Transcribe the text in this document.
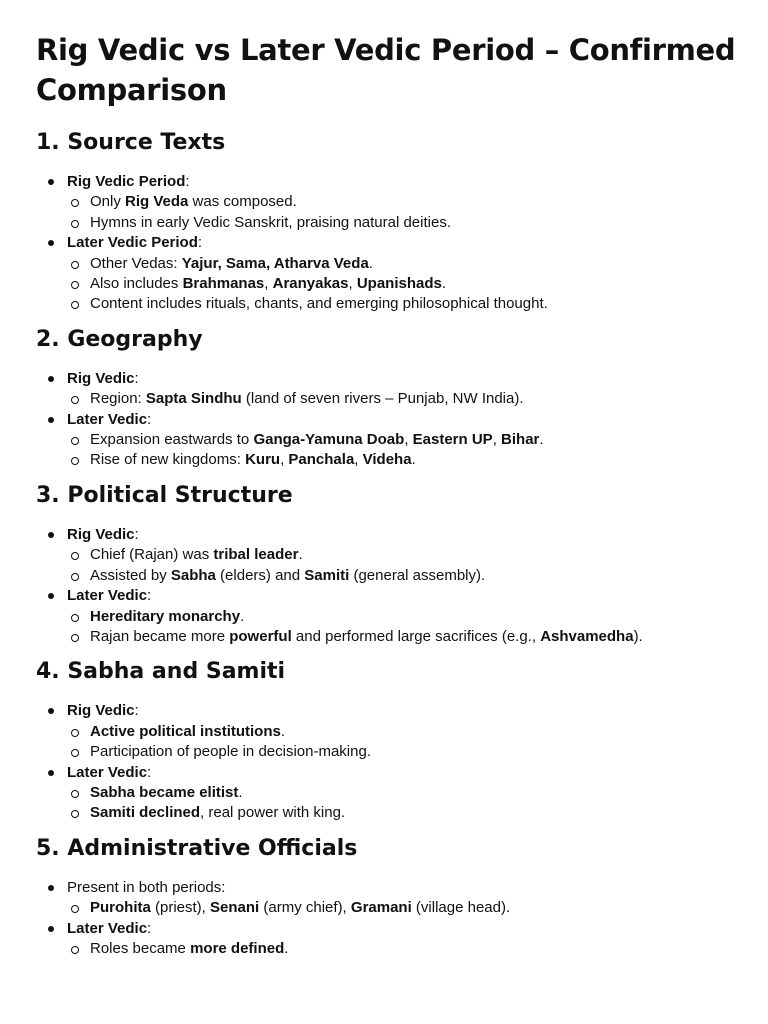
Rig Vedic vs Later Vedic Period – Confirmed Comparison
1. Source Texts
Rig Vedic Period:
Only Rig Veda was composed.
Hymns in early Vedic Sanskrit, praising natural deities.
Later Vedic Period:
Other Vedas: Yajur, Sama, Atharva Veda.
Also includes Brahmanas, Aranyakas, Upanishads.
Content includes rituals, chants, and emerging philosophical thought.
2. Geography
Rig Vedic:
Region: Sapta Sindhu (land of seven rivers – Punjab, NW India).
Later Vedic:
Expansion eastwards to Ganga-Yamuna Doab, Eastern UP, Bihar.
Rise of new kingdoms: Kuru, Panchala, Videha.
3. Political Structure
Rig Vedic:
Chief (Rajan) was tribal leader.
Assisted by Sabha (elders) and Samiti (general assembly).
Later Vedic:
Hereditary monarchy.
Rajan became more powerful and performed large sacrifices (e.g., Ashvamedha).
4. Sabha and Samiti
Rig Vedic:
Active political institutions.
Participation of people in decision-making.
Later Vedic:
Sabha became elitist.
Samiti declined, real power with king.
5. Administrative Officials
Present in both periods:
Purohita (priest), Senani (army chief), Gramani (village head).
Later Vedic:
Roles became more defined.
